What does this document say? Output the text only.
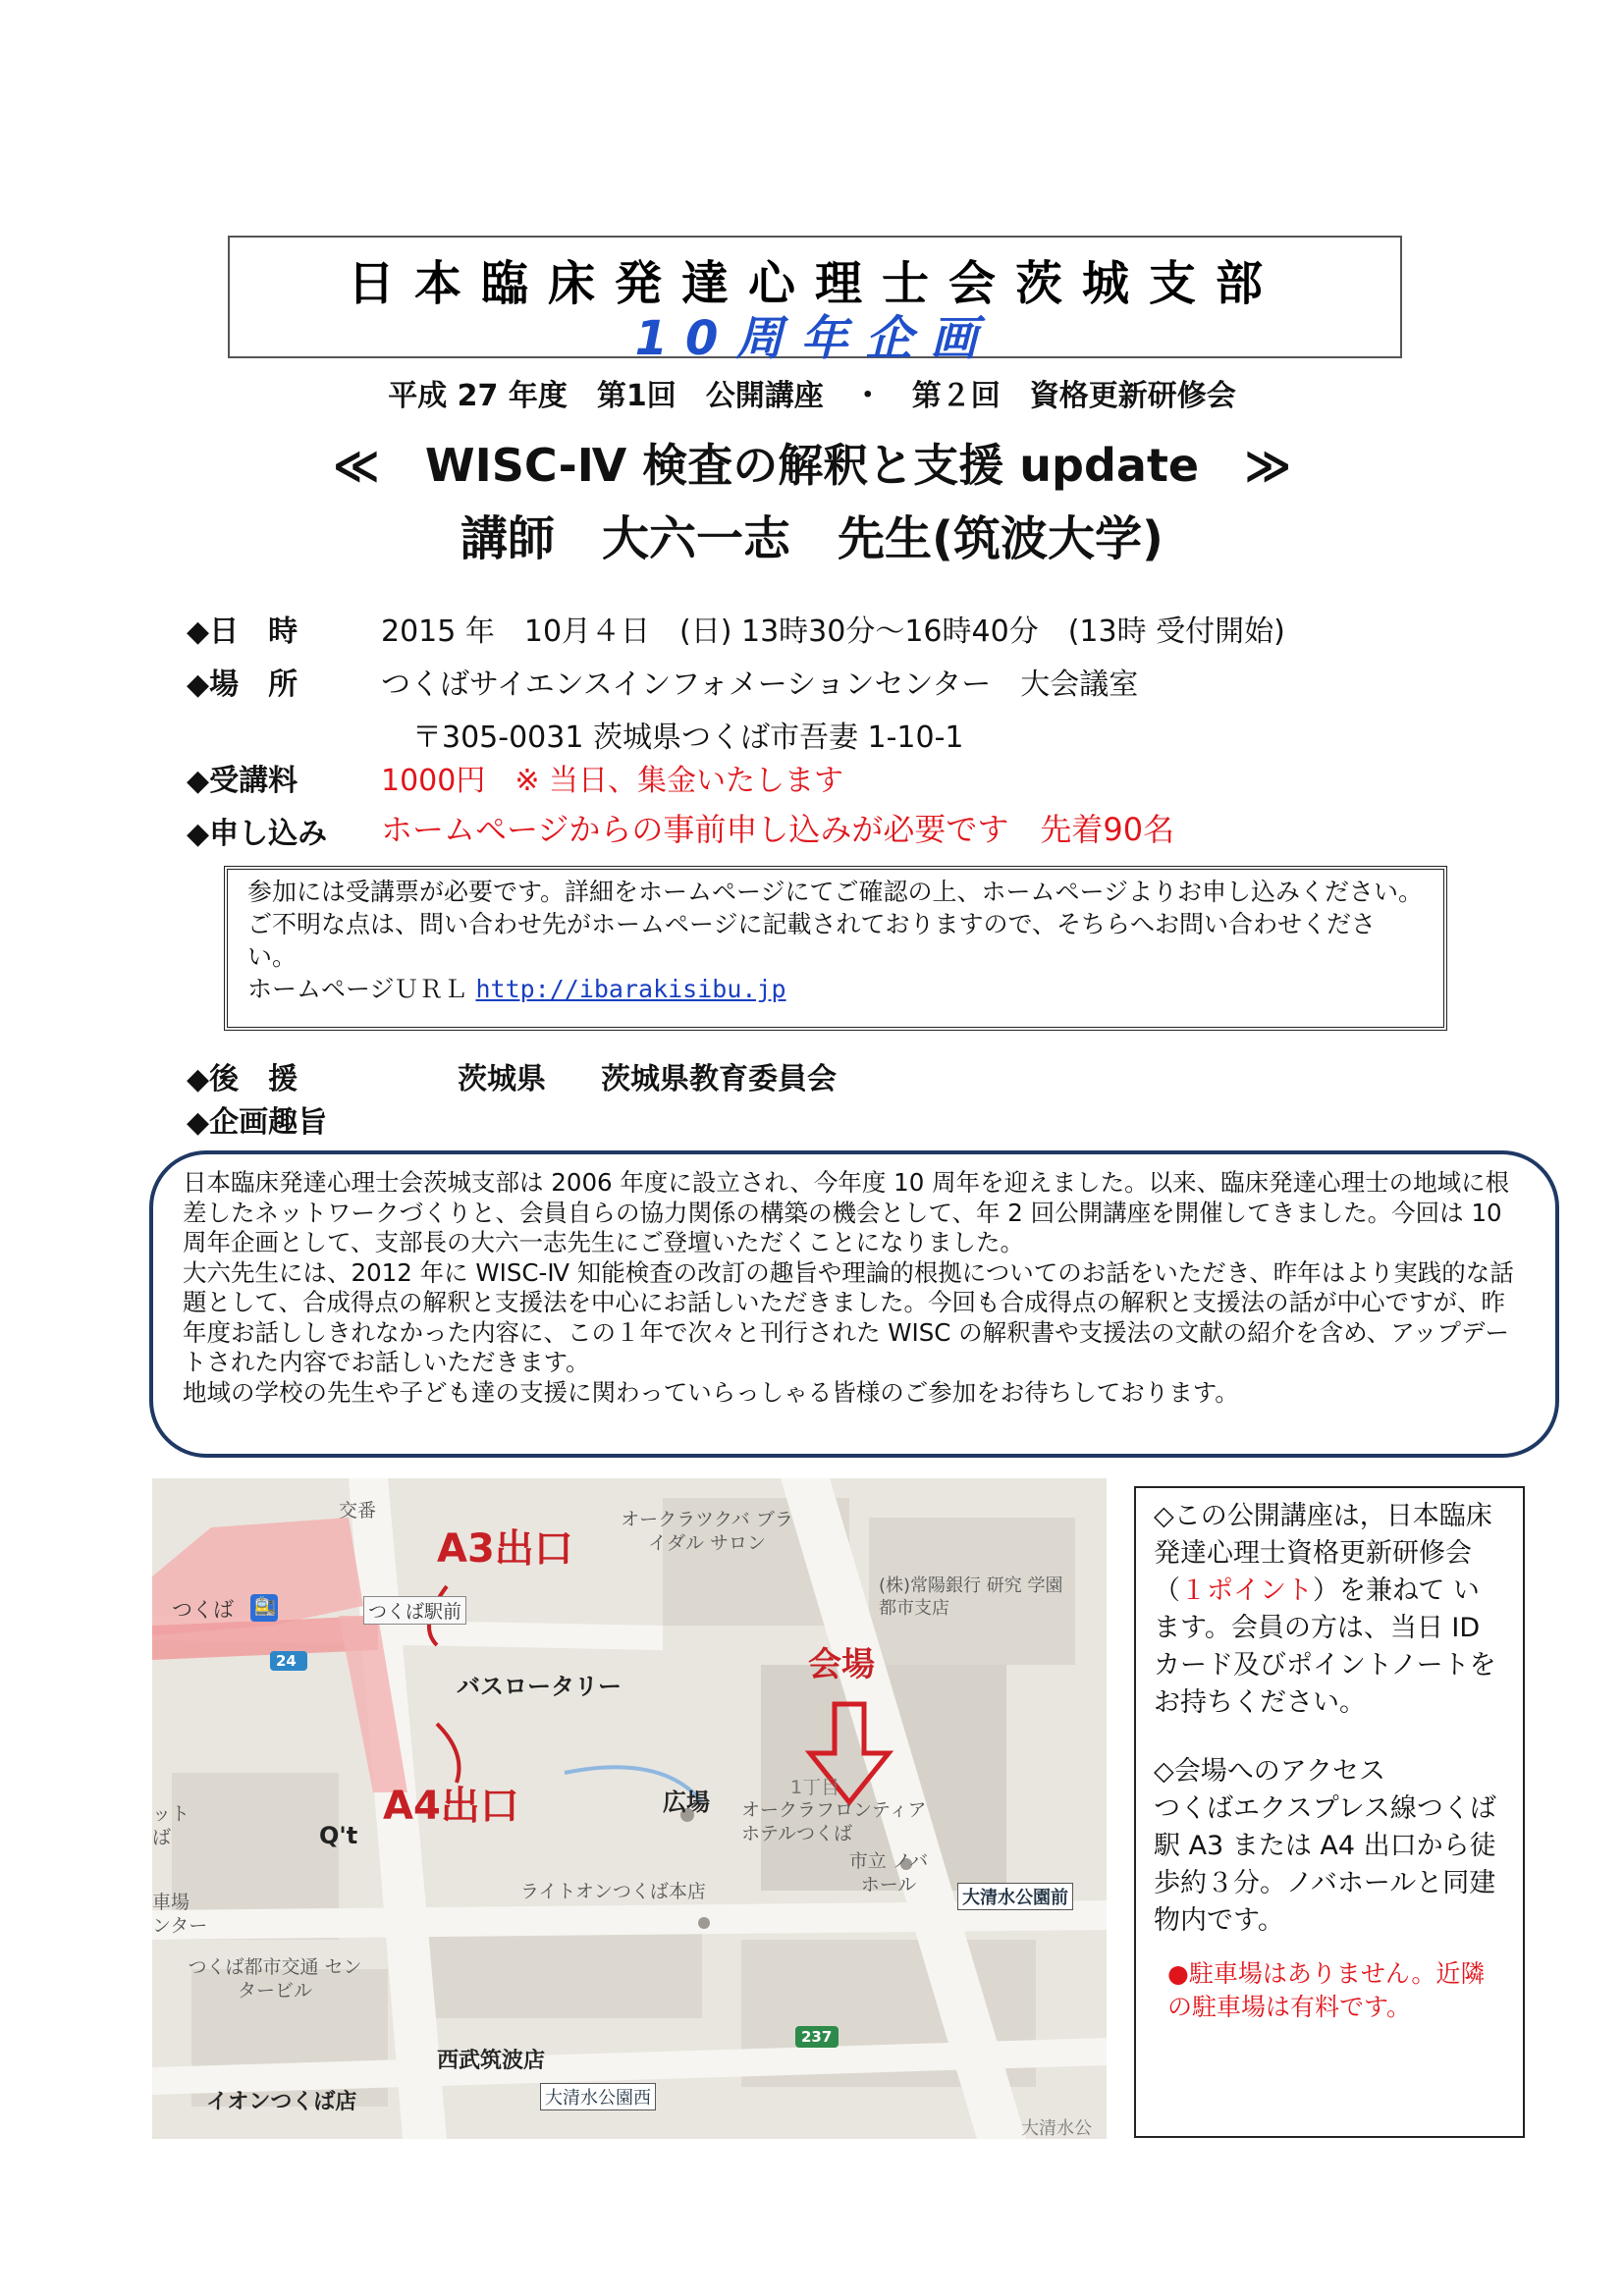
日本臨床発達心理士会茨城支部
10周年企画
平成 27 年度　第1回　公開講座　・　第２回　資格更新研修会
≪　WISC-Ⅳ 検査の解釈と支援 update　≫
講師　大六一志　先生(筑波大学)
◆日　時	2015 年　10月４日　(日) 13時30分～16時40分　(13時 受付開始)
◆場　所	つくばサイエンスインフォメーションセンター　大会議室
〒305-0031 茨城県つくば市吾妻 1-10-1
◆受講料	1000円　※ 当日、集金いたします
◆申し込み ホームページからの事前申し込みが必要です　先着90名
参加には受講票が必要です。詳細をホームページにてご確認の上、ホームページよりお申し込みください。　ご不明な点は、問い合わせ先がホームページに記載されておりますので、そちらへお問い合わせください。
ホームページＵＲＬ http://ibarakisibu.jp
◆後　援	茨城県 茨城県教育委員会
◆企画趣旨
日本臨床発達心理士会茨城支部は 2006 年度に設立され、今年度 10 周年を迎えました。以来、臨床発達心理士の地域に根差したネットワークづくりと、会員自らの協力関係の構築の機会として、年 2 回公開講座を開催してきました。今回は 10 周年企画として、支部長の大六一志先生にご登壇いただくことになりました。
大六先生には、2012 年に WISC-Ⅳ 知能検査の改訂の趣旨や理論的根拠についてのお話をいただき、昨年はより実践的な話題として、合成得点の解釈と支援法を中心にお話しいただきました。今回も合成得点の解釈と支援法の話が中心ですが、昨年度お話ししきれなかった内容に、この１年で次々と刊行された WISC の解釈書や支援法の文献の紹介を含め、アップデートされた内容でお話しいただきます。
地域の学校の先生や子ども達の支援に関わっていらっしゃる皆様のご参加をお待ちしております。
交番
つくば 🚉	つくば駅前
24
237
A3出口
A4出口
会場
バスロータリー
広場
Q't
オークラツクバ ブライダル サロン
(株)常陽銀行 研究 学園都市支店
1丁目
オークラフロンティア ホテルつくば
市立 ノバホール
ライトオンつくば本店	大清水公園前
つくば都市交通 センタービル
車場 ンター
ット ば
西武筑波店
大清水公園西
イオンつくば店
大清水公
◇この公開講座は，日本臨床発達心理士資格更新研修会（１ポイント）を兼ねて います。会員の方は、当日 ID カード及びポイントノートを お持ちください。
◇会場へのアクセス
つくばエクスプレス線つくば駅 A3 または A4 出口から徒歩約３分。ノバホールと同建物内です。
●駐車場はありません。近隣の駐車場は有料です。
